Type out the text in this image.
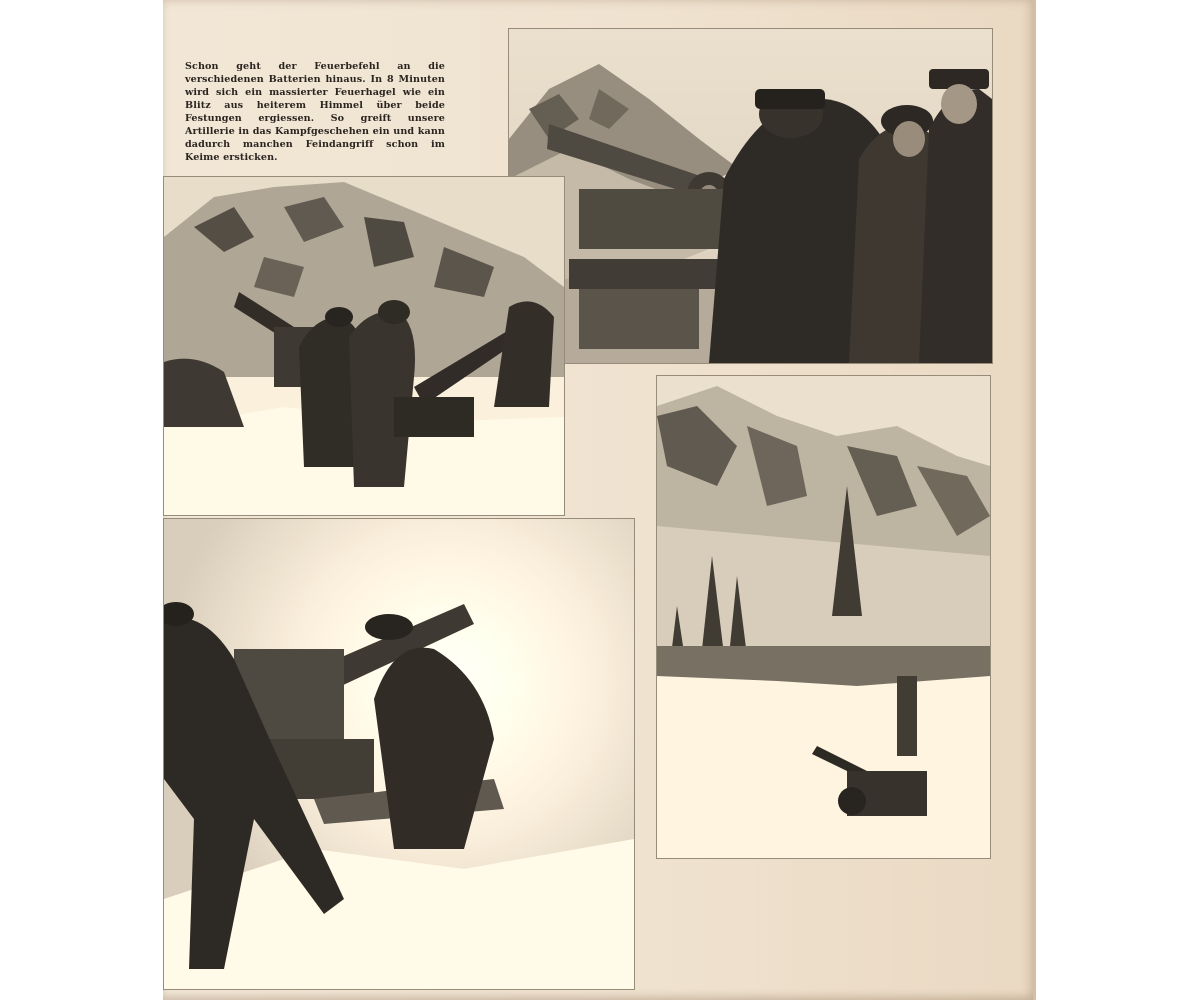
Schon geht der Feuerbefehl an die verschiedenen Batterien hinaus. In 8 Minuten wird sich ein massierter Feuerhagel wie ein Blitz aus heiterem Himmel über beide Festungen ergiessen. So greift unsere Artillerie in das Kampfgeschehen ein und kann dadurch manchen Feindangriff schon im Keime ersticken.
